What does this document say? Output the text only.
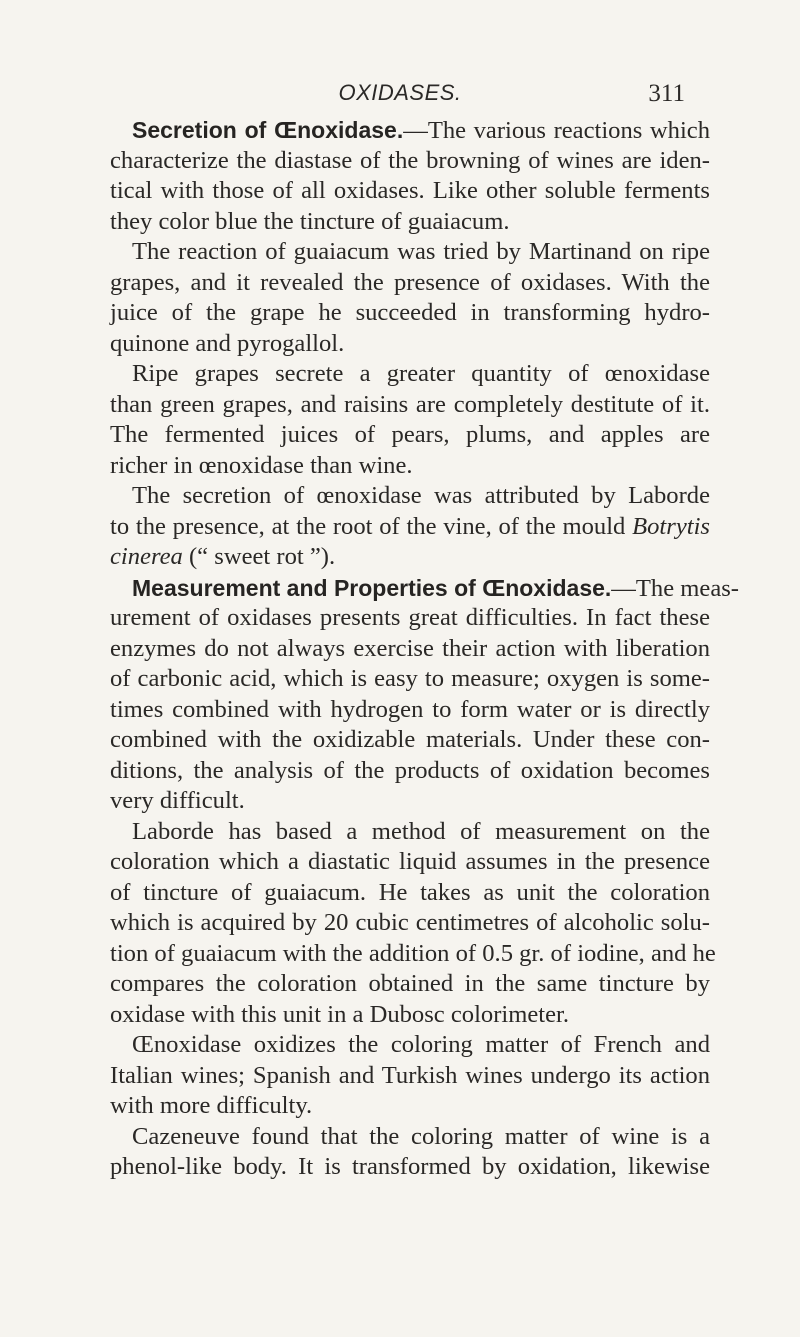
OXIDASES.	311
Secretion of Œnoxidase.—The various reactions which
characterize the diastase of the browning of wines are iden-
tical with those of all oxidases. Like other soluble ferments
they color blue the tincture of guaiacum.
The reaction of guaiacum was tried by Martinand on ripe
grapes, and it revealed the presence of oxidases. With the
juice of the grape he succeeded in transforming hydro-
quinone and pyrogallol.
Ripe grapes secrete a greater quantity of œnoxidase
than green grapes, and raisins are completely destitute of it.
The fermented juices of pears, plums, and apples are
richer in œnoxidase than wine.
The secretion of œnoxidase was attributed by Laborde
to the presence, at the root of the vine, of the mould Botrytis
cinerea (“ sweet rot ”).
Measurement and Properties of Œnoxidase.—The meas-
urement of oxidases presents great difficulties. In fact these
enzymes do not always exercise their action with liberation
of carbonic acid, which is easy to measure; oxygen is some-
times combined with hydrogen to form water or is directly
combined with the oxidizable materials. Under these con-
ditions, the analysis of the products of oxidation becomes
very difficult.
Laborde has based a method of measurement on the
coloration which a diastatic liquid assumes in the presence
of tincture of guaiacum. He takes as unit the coloration
which is acquired by 20 cubic centimetres of alcoholic solu-
tion of guaiacum with the addition of 0.5 gr. of iodine, and he
compares the coloration obtained in the same tincture by
oxidase with this unit in a Dubosc colorimeter.
Œnoxidase oxidizes the coloring matter of French and
Italian wines; Spanish and Turkish wines undergo its action
with more difficulty.
Cazeneuve found that the coloring matter of wine is a
phenol-like body. It is transformed by oxidation, likewise
